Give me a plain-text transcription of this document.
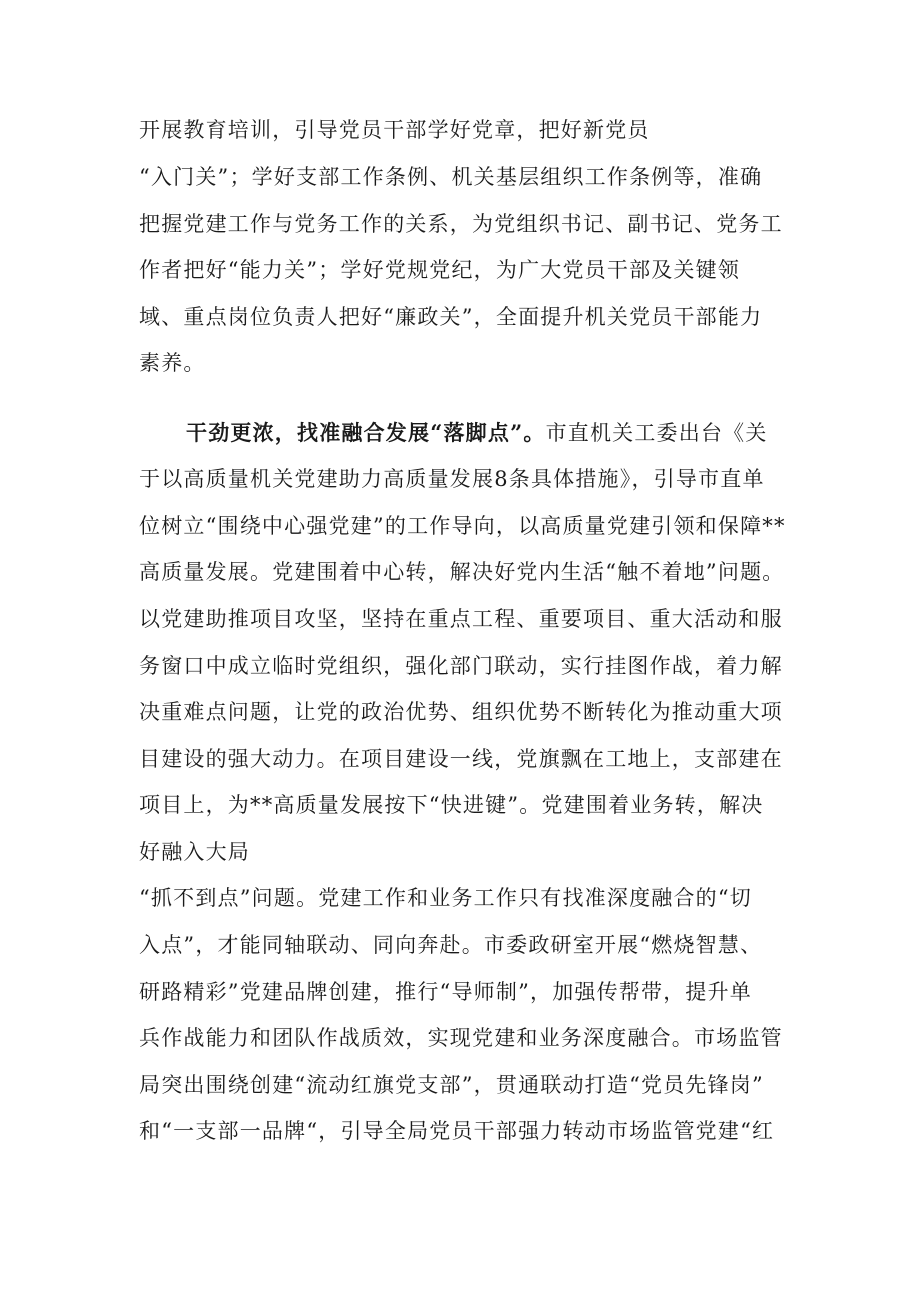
开展教育培训，引导党员干部学好党章，把好新党员
“入门关”；学好支部工作条例、机关基层组织工作条例等，准确
把握党建工作与党务工作的关系，为党组织书记、副书记、党务工
作者把好“能力关”；学好党规党纪，为广大党员干部及关键领
域、重点岗位负责人把好“廉政关”，全面提升机关党员干部能力
素养。
干劲更浓，找准融合发展“落脚点”。市直机关工委出台《关
于以高质量机关党建助力高质量发展8条具体措施》，引导市直单
位树立“围绕中心强党建”的工作导向，以高质量党建引领和保障**
高质量发展。党建围着中心转，解决好党内生活“触不着地”问题。
以党建助推项目攻坚，坚持在重点工程、重要项目、重大活动和服
务窗口中成立临时党组织，强化部门联动，实行挂图作战，着力解
决重难点问题，让党的政治优势、组织优势不断转化为推动重大项
目建设的强大动力。在项目建设一线，党旗飘在工地上，支部建在
项目上，为**高质量发展按下“快进键”。党建围着业务转，解决
好融入大局
“抓不到点”问题。党建工作和业务工作只有找准深度融合的“切
入点”，才能同轴联动、同向奔赴。市委政研室开展“燃烧智慧、
研路精彩”党建品牌创建，推行“导师制”，加强传帮带，提升单
兵作战能力和团队作战质效，实现党建和业务深度融合。市场监管
局突出围绕创建“流动红旗党支部”，贯通联动打造“党员先锋岗”
和“一支部一品牌“，引导全局党员干部强力转动市场监管党建“红
